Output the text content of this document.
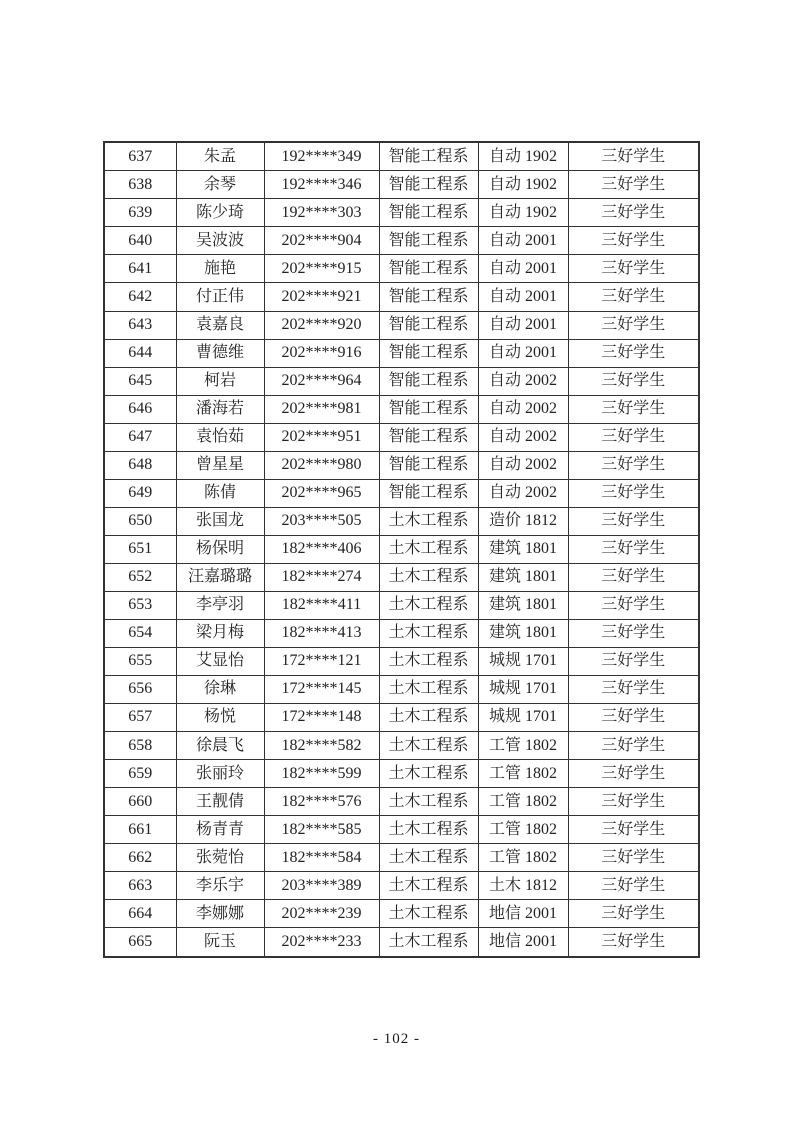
637	朱孟	192****349	智能工程系	自动 1902	三好学生
638	余琴	192****346	智能工程系	自动 1902	三好学生
639	陈少琦	192****303	智能工程系	自动 1902	三好学生
640	吴波波	202****904	智能工程系	自动 2001	三好学生
641	施艳	202****915	智能工程系	自动 2001	三好学生
642	付正伟	202****921	智能工程系	自动 2001	三好学生
643	袁嘉良	202****920	智能工程系	自动 2001	三好学生
644	曹德维	202****916	智能工程系	自动 2001	三好学生
645	柯岩	202****964	智能工程系	自动 2002	三好学生
646	潘海若	202****981	智能工程系	自动 2002	三好学生
647	袁怡茹	202****951	智能工程系	自动 2002	三好学生
648	曾星星	202****980	智能工程系	自动 2002	三好学生
649	陈倩	202****965	智能工程系	自动 2002	三好学生
650	张国龙	203****505	土木工程系	造价 1812	三好学生
651	杨保明	182****406	土木工程系	建筑 1801	三好学生
652	汪嘉璐璐	182****274	土木工程系	建筑 1801	三好学生
653	李亭羽	182****411	土木工程系	建筑 1801	三好学生
654	梁月梅	182****413	土木工程系	建筑 1801	三好学生
655	艾显怡	172****121	土木工程系	城规 1701	三好学生
656	徐琳	172****145	土木工程系	城规 1701	三好学生
657	杨悦	172****148	土木工程系	城规 1701	三好学生
658	徐晨飞	182****582	土木工程系	工管 1802	三好学生
659	张丽玲	182****599	土木工程系	工管 1802	三好学生
660	王靓倩	182****576	土木工程系	工管 1802	三好学生
661	杨青青	182****585	土木工程系	工管 1802	三好学生
662	张菀怡	182****584	土木工程系	工管 1802	三好学生
663	李乐宇	203****389	土木工程系	土木 1812	三好学生
664	李娜娜	202****239	土木工程系	地信 2001	三好学生
665	阮玉	202****233	土木工程系	地信 2001	三好学生
- 102 -
